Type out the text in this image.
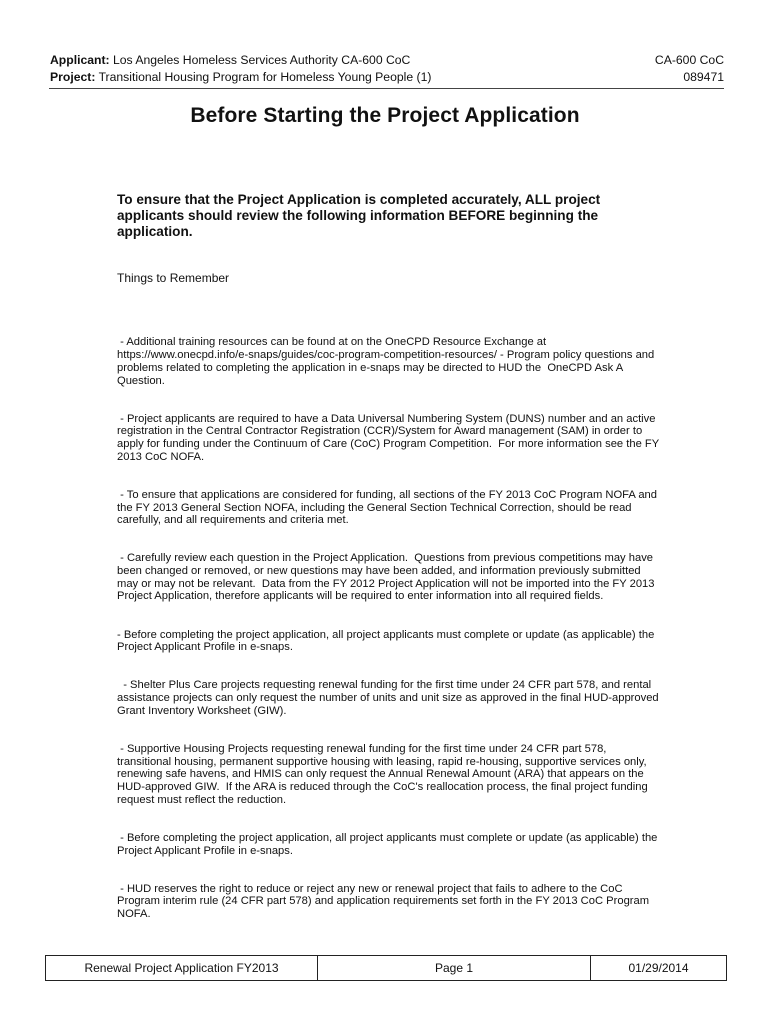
Applicant: Los Angeles Homeless Services Authority CA-600 CoC
Project: Transitional Housing Program for Homeless Young People (1)
CA-600 CoC
089471
Before Starting the Project Application
To ensure that the Project Application is completed accurately, ALL project applicants should review the following information BEFORE beginning the application.
Things to Remember

- Additional training resources can be found at on the OneCPD Resource Exchange at https://www.onecpd.info/e-snaps/guides/coc-program-competition-resources/ - Program policy questions and problems related to completing the application in e-snaps may be directed to HUD the  OneCPD Ask A Question.

- Project applicants are required to have a Data Universal Numbering System (DUNS) number and an active registration in the Central Contractor Registration (CCR)/System for Award management (SAM) in order to apply for funding under the Continuum of Care (CoC) Program Competition.  For more information see the FY 2013 CoC NOFA.

- To ensure that applications are considered for funding, all sections of the FY 2013 CoC Program NOFA and the FY 2013 General Section NOFA, including the General Section Technical Correction, should be read carefully, and all requirements and criteria met.

- Carefully review each question in the Project Application.  Questions from previous competitions may have been changed or removed, or new questions may have been added, and information previously submitted may or may not be relevant.  Data from the FY 2012 Project Application will not be imported into the FY 2013 Project Application, therefore applicants will be required to enter information into all required fields.

- Before completing the project application, all project applicants must complete or update (as applicable) the Project Applicant Profile in e-snaps.

- Shelter Plus Care projects requesting renewal funding for the first time under 24 CFR part 578, and rental assistance projects can only request the number of units and unit size as approved in the final HUD-approved Grant Inventory Worksheet (GIW).

- Supportive Housing Projects requesting renewal funding for the first time under 24 CFR part 578, transitional housing, permanent supportive housing with leasing, rapid re-housing, supportive services only, renewing safe havens, and HMIS can only request the Annual Renewal Amount (ARA) that appears on the HUD-approved GIW.  If the ARA is reduced through the CoC's reallocation process, the final project funding request must reflect the reduction.

- Before completing the project application, all project applicants must complete or update (as applicable) the Project Applicant Profile in e-snaps.

- HUD reserves the right to reduce or reject any new or renewal project that fails to adhere to the CoC Program interim rule (24 CFR part 578) and application requirements set forth in the FY 2013 CoC Program NOFA.

Renewal Project Application FY2013	Page 1	01/29/2014
